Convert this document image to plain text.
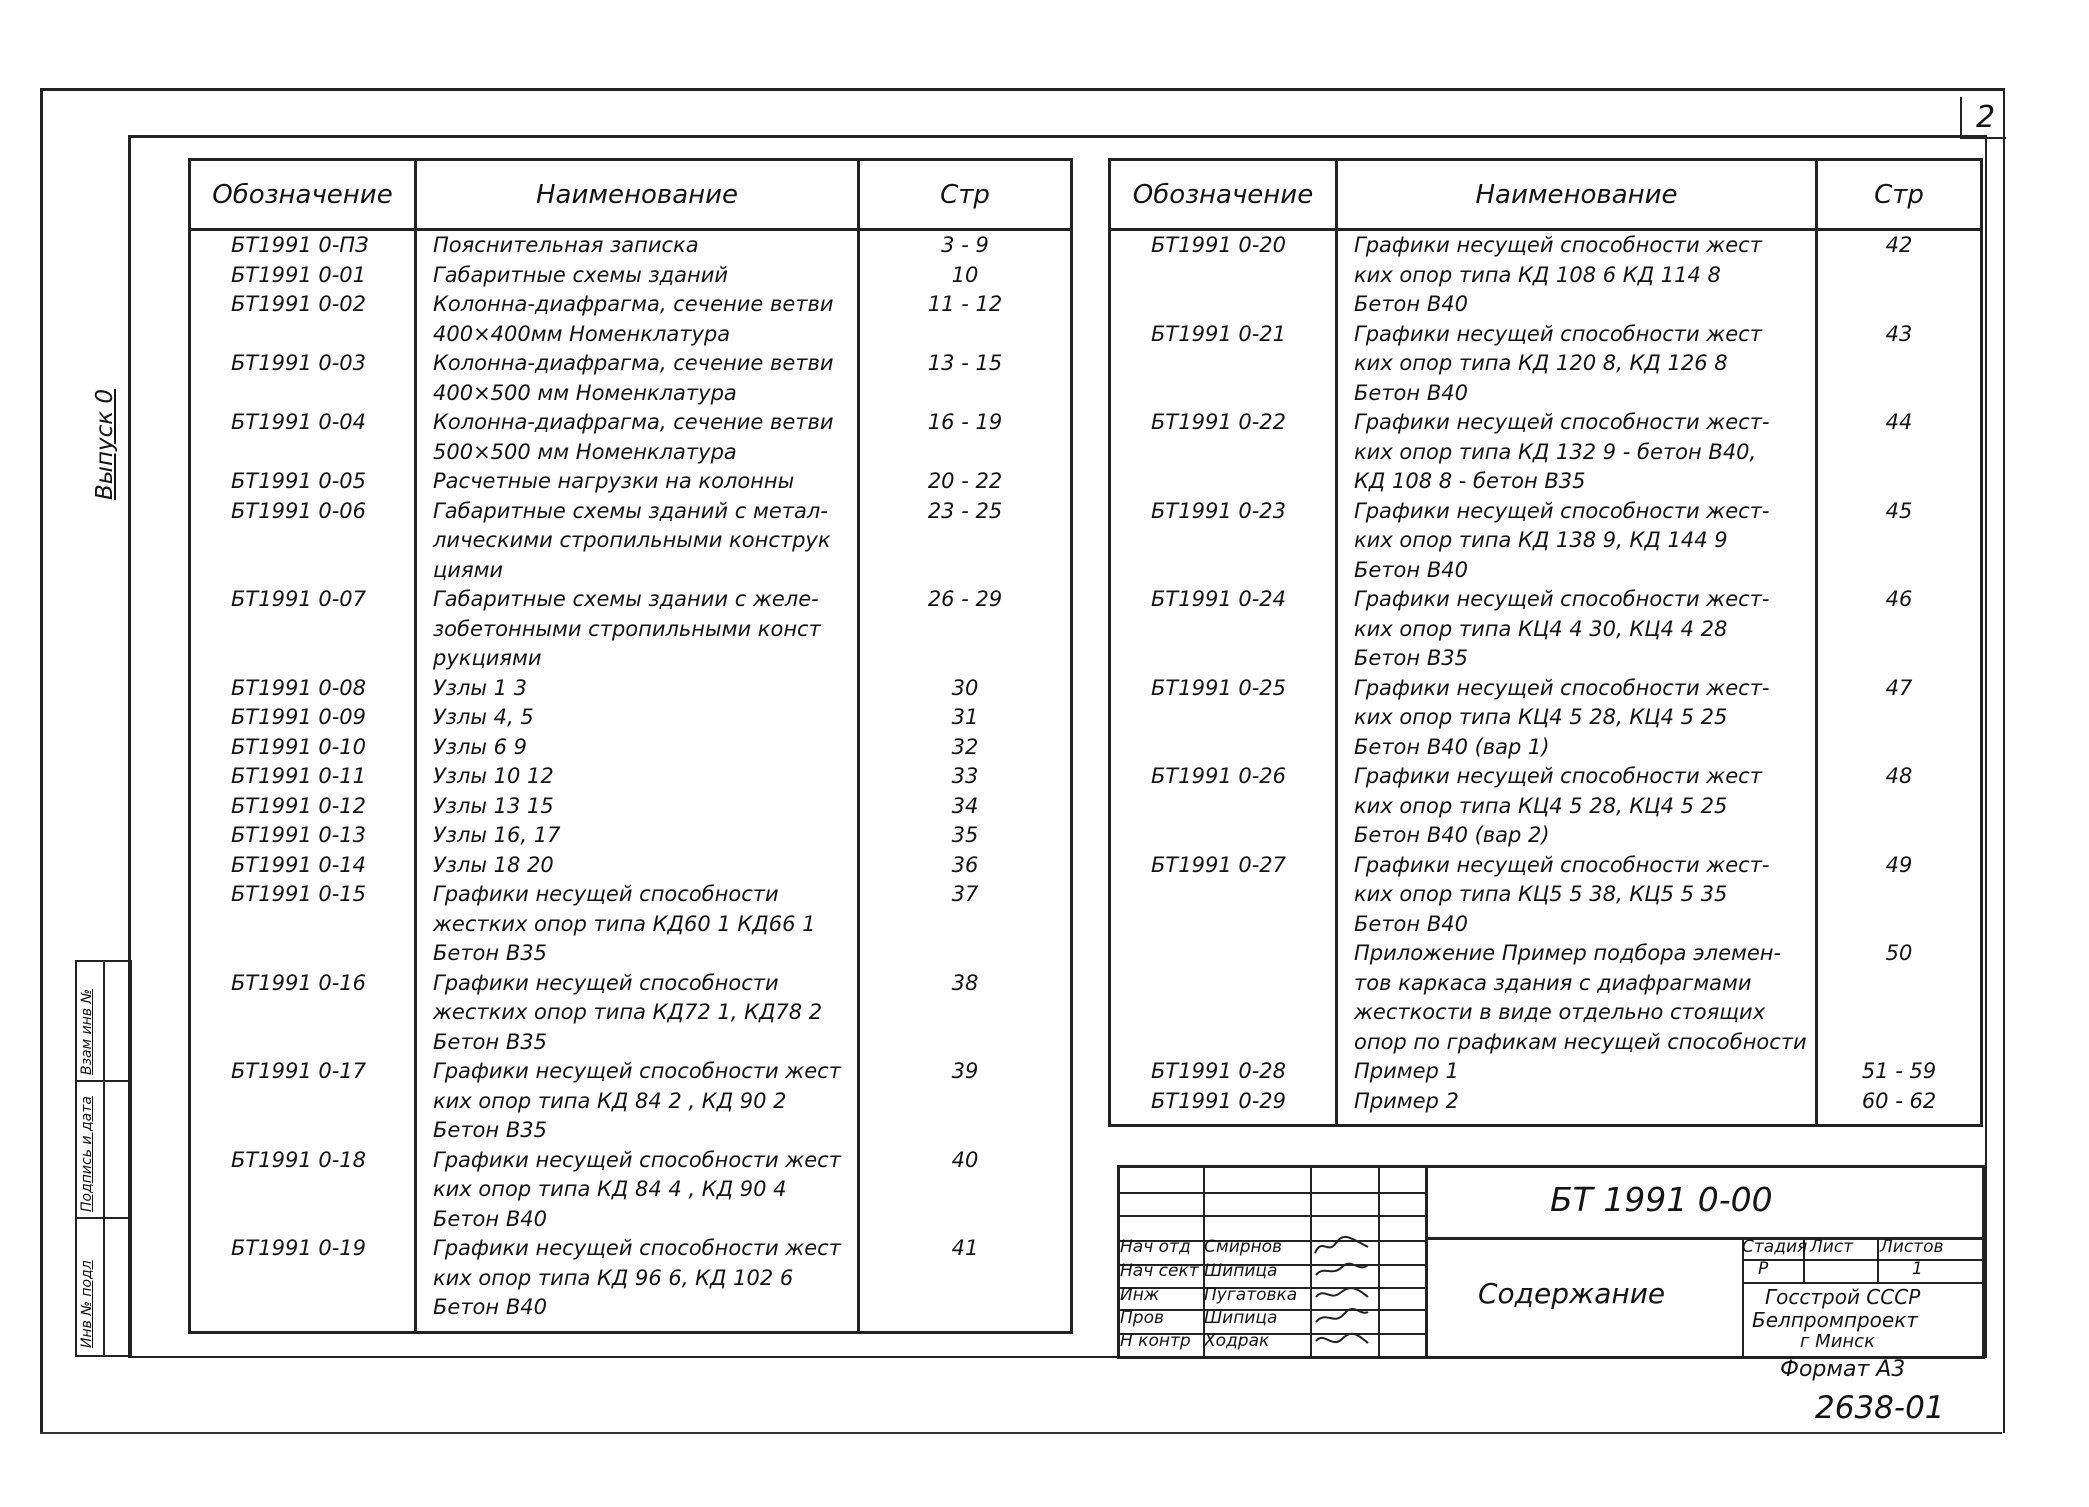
2
Выпуск 0
Взам инв №
Подпись и дата
Инв № подл
Обозначение	Наименование	Стр
БТ1991 0-ПЗ	Пояснительная записка	3 - 9
БТ1991 0-01	Габаритные схемы зданий	10
БТ1991 0-02	Колонна-диафрагма, сечение ветви
400×400мм Номенклатура	11 - 12
БТ1991 0-03	Колонна-диафрагма, сечение ветви
400×500 мм Номенклатура	13 - 15
БТ1991 0-04	Колонна-диафрагма, сечение ветви
500×500 мм Номенклатура	16 - 19
БТ1991 0-05	Расчетные нагрузки на колонны	20 - 22
БТ1991 0-06	Габаритные схемы зданий с метал-
лическими стропильными конструк
циями	23 - 25
БТ1991 0-07	Габаритные схемы здании с желе-
зобетонными стропильными конст
рукциями	26 - 29
БТ1991 0-08	Узлы 1 3	30
БТ1991 0-09	Узлы 4, 5	31
БТ1991 0-10	Узлы 6 9	32
БТ1991 0-11	Узлы 10 12	33
БТ1991 0-12	Узлы 13 15	34
БТ1991 0-13	Узлы 16, 17	35
БТ1991 0-14	Узлы 18 20	36
БТ1991 0-15	Графики несущей способности
жестких опор типа КД60 1 КД66 1
Бетон В35	37
БТ1991 0-16	Графики несущей способности
жестких опор типа КД72 1, КД78 2
Бетон В35	38
БТ1991 0-17	Графики несущей способности жест
ких опор типа КД 84 2 , КД 90 2
Бетон В35	39
БТ1991 0-18	Графики несущей способности жест
ких опор типа КД 84 4 , КД 90 4
Бетон В40	40
БТ1991 0-19	Графики несущей способности жест
ких опор типа КД 96 6, КД 102 6
Бетон В40	41

Обозначение	Наименование	Стр
БТ1991 0-20	Графики несущей способности жест
ких опор типа КД 108 6 КД 114 8
Бетон В40	42
БТ1991 0-21	Графики несущей способности жест
ких опор типа КД 120 8, КД 126 8
Бетон В40	43
БТ1991 0-22	Графики несущей способности жест-
ких опор типа КД 132 9 - бетон В40,
КД 108 8 - бетон В35	44
БТ1991 0-23	Графики несущей способности жест-
ких опор типа КД 138 9, КД 144 9
Бетон В40	45
БТ1991 0-24	Графики несущей способности жест-
ких опор типа КЦ4 4 30, КЦ4 4 28
Бетон В35	46
БТ1991 0-25	Графики несущей способности жест-
ких опор типа КЦ4 5 28, КЦ4 5 25
Бетон В40 (вар 1)	47
БТ1991 0-26	Графики несущей способности жест
ких опор типа КЦ4 5 28, КЦ4 5 25
Бетон В40 (вар 2)	48
БТ1991 0-27	Графики несущей способности жест-
ких опор типа КЦ5 5 38, КЦ5 5 35
Бетон В40	49

	Приложение Пример подбора элемен-
тов каркаса здания с диафрагмами
жесткости в виде отдельно стоящих
опор по графикам несущей способности	50
БТ1991 0-28	Пример 1	51 - 59
БТ1991 0-29	Пример 2	60 - 62

БТ 1991 0-00
Содержание
Нач отд
Нач сект
Инж
Пров
Н контр
Смирнов
Шипица
Пугатовка
Шипица
Ходрак
Стадия Лист Листов
Р	1
Госстрой СССР
Белпромпроект
г Минск
Формат А3
2638-01
